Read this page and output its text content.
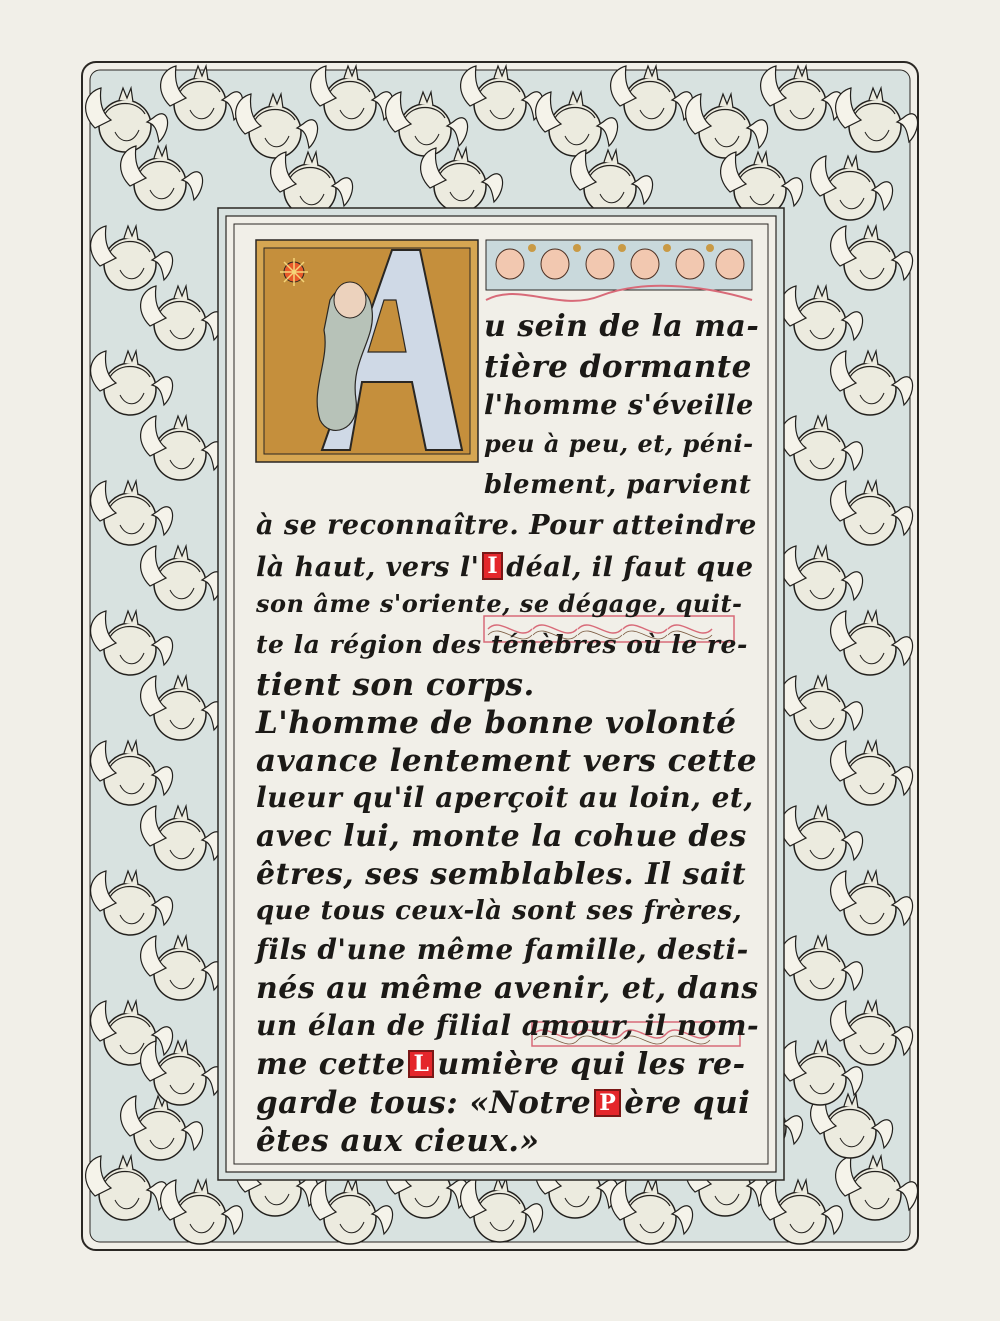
u sein de la ma-
tière dormante
l'homme s'éveille
peu à peu, et, péni-
blement, parvient
à se reconnaître. Pour atteindre
là haut, vers l' I déal, il faut que
son âme s'oriente, se dégage, quit-
te la région des ténèbres où le re-
tient son corps.
L'homme de bonne volonté
avance lentement vers cette
lueur qu'il aperçoit au loin, et,
avec lui, monte la cohue des
êtres, ses semblables. Il sait
que tous ceux-là sont ses frères,
fils d'une même famille, desti-
nés au même avenir, et, dans
un élan de filial amour, il nom-
me cette L umière qui les re-
garde tous: «Notre P ère qui
êtes aux cieux.»
